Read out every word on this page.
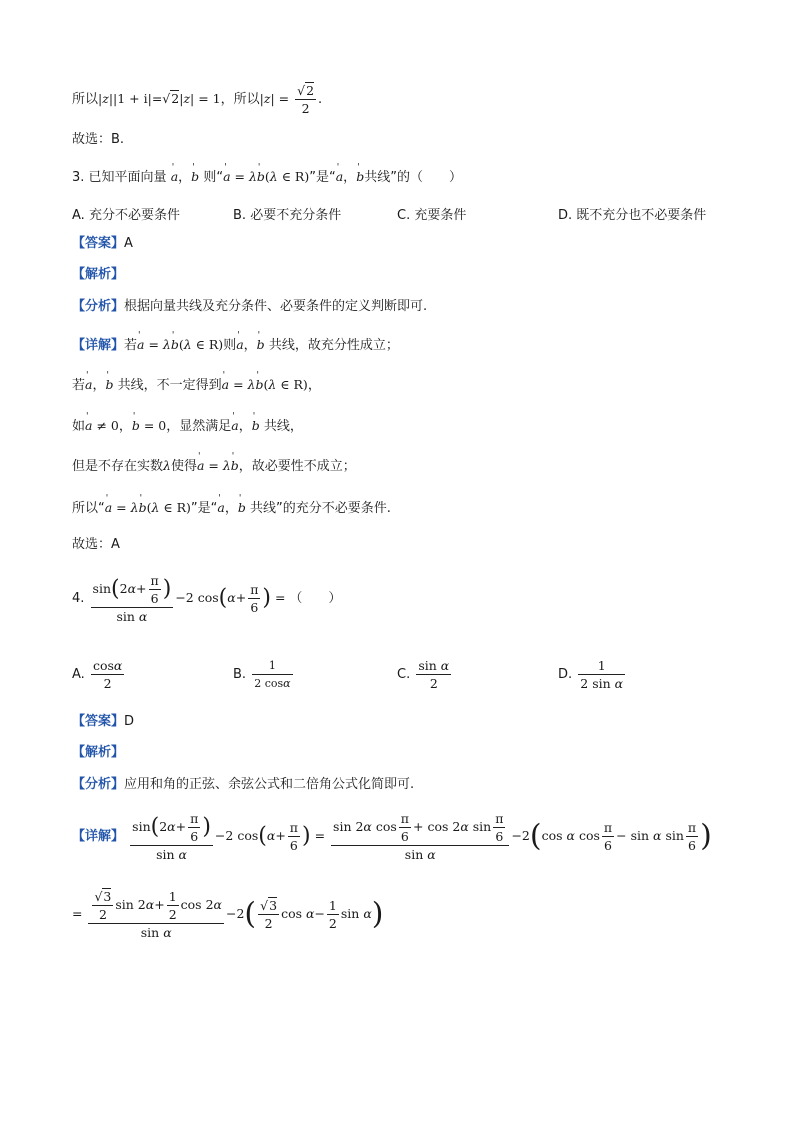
所以|z||1 + i|=√2|z| = 1，所以$|z| = \frac{√2}{2}$ .
故选：B.
3. 已知平面向量 ' a，' b 则“' a = λ' b(λ ∈ R)”是“' a，' b共线”的（　　）
A. 充分不必要条件	B. 必要不充分条件	C. 充要条件	D. 既不充分也不必要条件
【答案】A
【解析】
【分析】根据向量共线及充分条件、必要条件的定义判断即可.
【详解】若' a = λ' b(λ ∈ R)则' a，' b 共线，故充分性成立；
若' a，' b 共线，不一定得到' a = λ' b(λ ∈ R)，
如' a ≠ 0，' b = 0，显然满足' a，' b 共线，
但是不存在实数λ使得' a = λ' b，故必要性不成立；
所以“' a = λ' b(λ ∈ R)”是“' a，' b 共线”的充分不必要条件.
故选：A
4. $\frac{\sin(2\alpha+ \frac{\pi}{6} )}{\text{sin α}} -2$ $\cos(\alpha+ \frac{\pi}{6}$ ) = （　　）
A. $\frac{\cos\alpha}{2}$	B. $\frac{1}{2 \cos\alpha}$	C. $\frac{\text{sin α}}{2}$	D. $\frac{1}{\text{2 sin α}}$
【答案】D
【解析】
【分析】应用和角的正弦、余弦公式和二倍角公式化简即可.
【详解】 $\frac{\sin(2\alpha+ \frac{\pi}{6} )}{\text{sin α}} -2$ $\cos(\alpha+ \frac{\pi}{6}$ ) = $\frac{\sin 2\alpha \cos \frac{\pi}{6} + \cos 2\alpha \sin \frac{\pi}{6}}{\text{sin α}} -2(\cos$ α $\cos \frac{\pi}{6} - \sin \alpha$ $\sin \frac{\pi}{6}$ )
= $\frac{\frac{√3}{2} \sin 2\alpha+ \frac{1}{2} \cos 2\alpha}{\text{sin α}} -2( \frac{√3}{2}$ $\cos \alpha- \frac{1}{2}$ sin α)
